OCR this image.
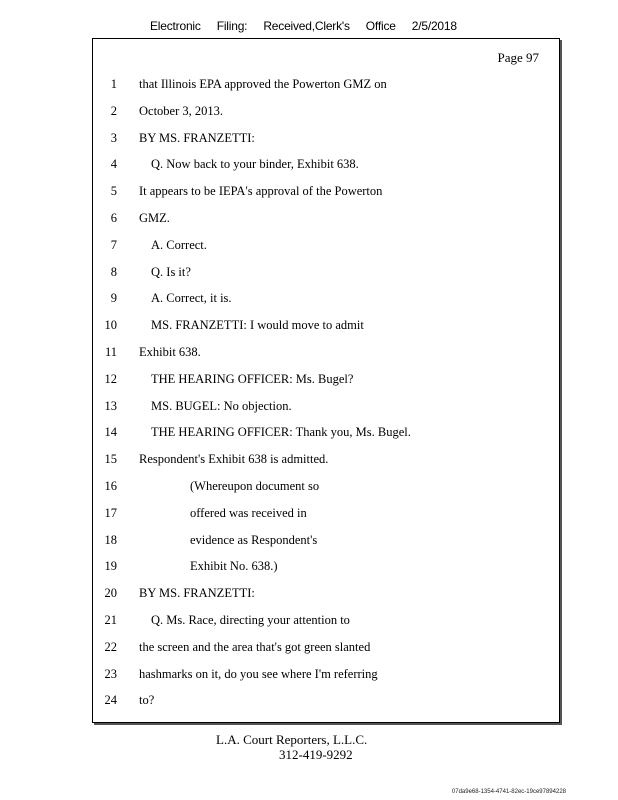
Electronic Filing: Received,Clerk's Office 2/5/2018
Page 97
1 that Illinois EPA approved the Powerton GMZ on
2 October 3, 2013.
3 BY MS. FRANZETTI:
4	Q. Now back to your binder, Exhibit 638.
5 It appears to be IEPA's approval of the Powerton
6 GMZ.
7	A. Correct.
8	Q. Is it?
9	A. Correct, it is.
10	MS. FRANZETTI: I would move to admit
11 Exhibit 638.
12	THE HEARING OFFICER: Ms. Bugel?
13	MS. BUGEL: No objection.
14	THE HEARING OFFICER: Thank you, Ms. Bugel.
15 Respondent's Exhibit 638 is admitted.
16	(Whereupon document so
17	offered was received in
18	evidence as Respondent's
19	Exhibit No. 638.)
20 BY MS. FRANZETTI:
21	Q. Ms. Race, directing your attention to
22 the screen and the area that's got green slanted
23 hashmarks on it, do you see where I'm referring
24 to?
L.A. Court Reporters, L.L.C.
312-419-9292
07da9e68-1354-4741-82ec-19ce97894228
